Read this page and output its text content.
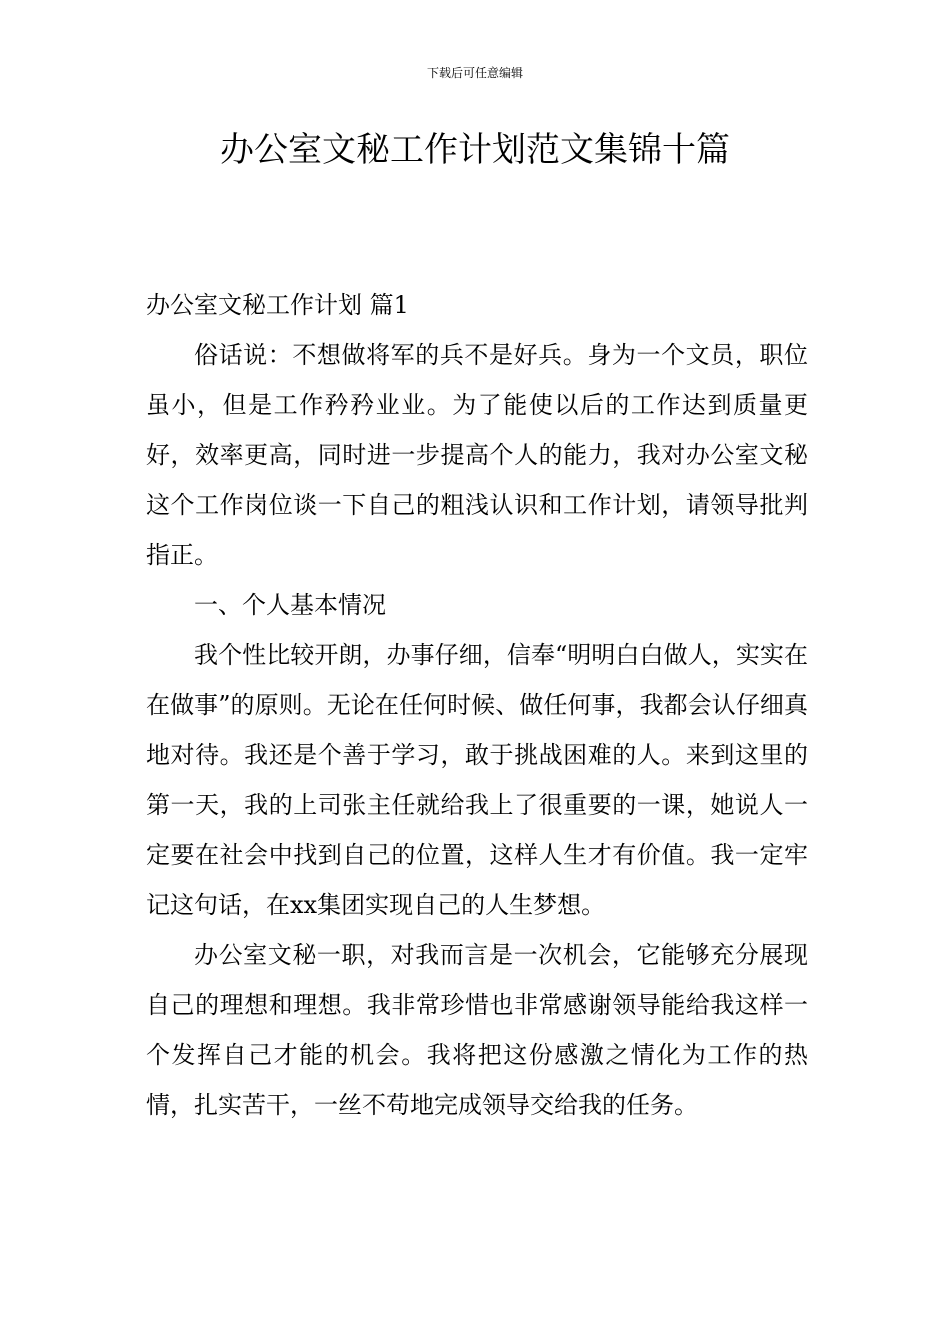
下载后可任意编辑
办公室文秘工作计划范文集锦十篇

办公室文秘工作计划 篇1

俗话说：不想做将军的兵不是好兵。身为一个文员，职位虽小，但是工作矜矜业业。为了能使以后的工作达到质量更好，效率更高，同时进一步提高个人的能力，我对办公室文秘这个工作岗位谈一下自己的粗浅认识和工作计划，请领导批判指正。

一、个人基本情况

我个性比较开朗，办事仔细，信奉“明明白白做人，实实在在做事”的原则。无论在任何时候、做任何事，我都会认仔细真地对待。我还是个善于学习，敢于挑战困难的人。来到这里的第一天，我的上司张主任就给我上了很重要的一课，她说人一定要在社会中找到自己的位置，这样人生才有价值。我一定牢记这句话，在xx集团实现自己的人生梦想。

办公室文秘一职，对我而言是一次机会，它能够充分展现自己的理想和理想。我非常珍惜也非常感谢领导能给我这样一个发挥自己才能的机会。我将把这份感激之情化为工作的热情，扎实苦干，一丝不苟地完成领导交给我的任务。
